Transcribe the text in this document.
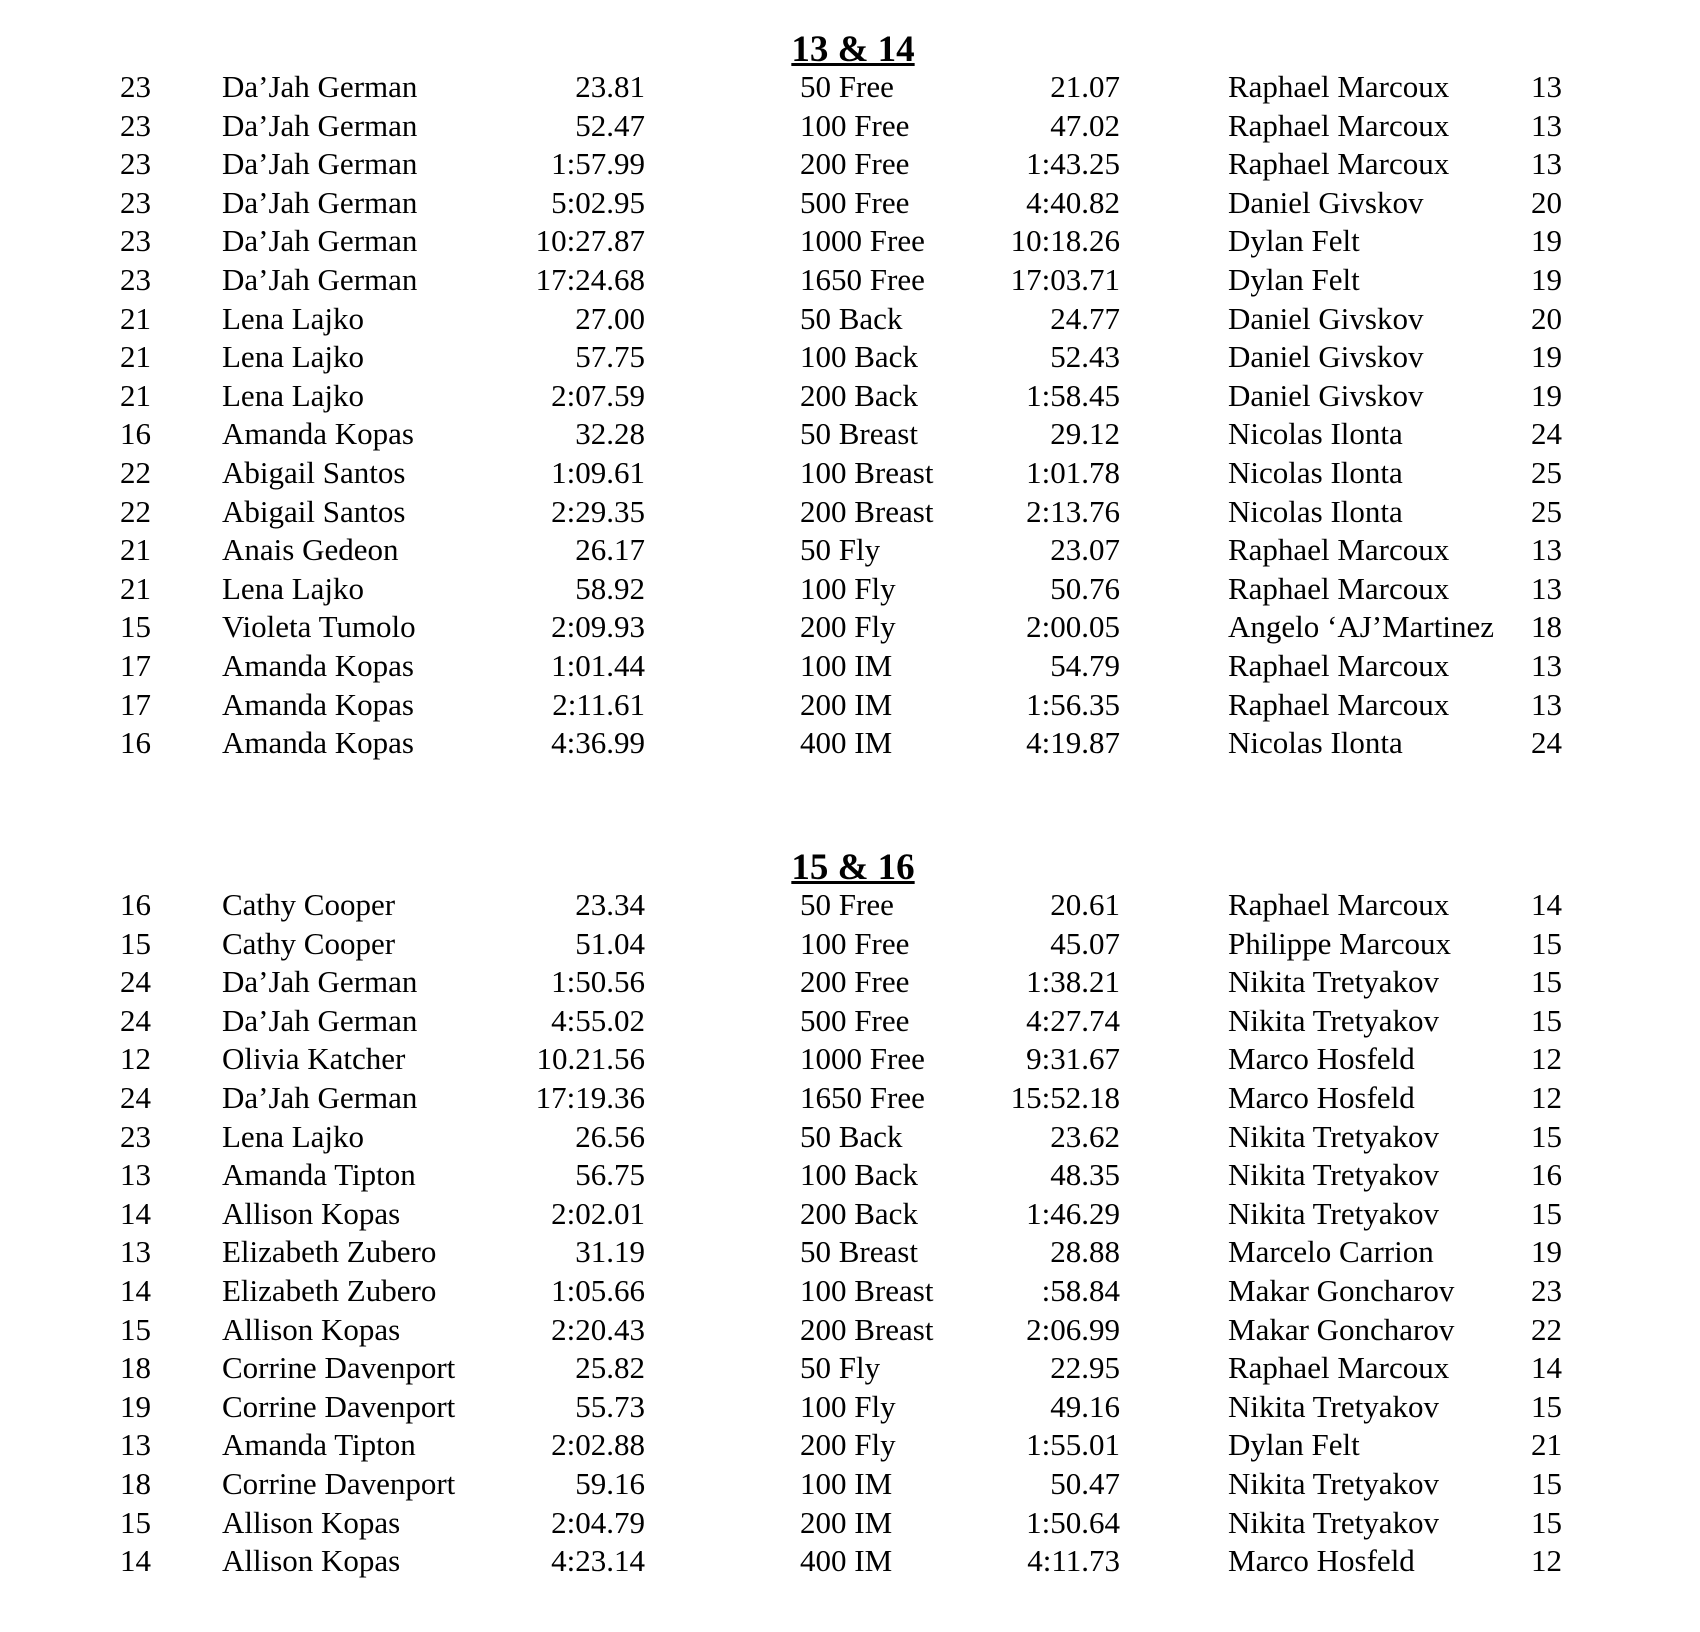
13 & 14
23 Da’Jah German	23.81	50 Free	21.07	Raphael Marcoux	13
23 Da’Jah German	52.47	100 Free	47.02	Raphael Marcoux	13
23 Da’Jah German	1:57.99	200 Free	1:43.25	Raphael Marcoux	13
23 Da’Jah German	5:02.95	500 Free	4:40.82	Daniel Givskov	20
23 Da’Jah German	10:27.87	1000 Free	10:18.26	Dylan Felt	19
23 Da’Jah German	17:24.68	1650 Free	17:03.71	Dylan Felt	19
21 Lena Lajko	27.00	50 Back	24.77	Daniel Givskov	20
21 Lena Lajko	57.75	100 Back	52.43	Daniel Givskov	19
21 Lena Lajko	2:07.59	200 Back	1:58.45	Daniel Givskov	19
16 Amanda Kopas	32.28	50 Breast	29.12	Nicolas Ilonta	24
22 Abigail Santos	1:09.61	100 Breast	1:01.78	Nicolas Ilonta	25
22 Abigail Santos	2:29.35	200 Breast	2:13.76	Nicolas Ilonta	25
21 Anais Gedeon	26.17	50 Fly	23.07	Raphael Marcoux	13
21 Lena Lajko	58.92	100 Fly	50.76	Raphael Marcoux	13
15 Violeta Tumolo	2:09.93	200 Fly	2:00.05	Angelo ‘AJ’Martinez 18
17 Amanda Kopas	1:01.44	100 IM	54.79	Raphael Marcoux	13
17 Amanda Kopas	2:11.61	200 IM	1:56.35	Raphael Marcoux	13
16 Amanda Kopas	4:36.99	400 IM	4:19.87	Nicolas Ilonta	24
15 & 16
16 Cathy Cooper	23.34	50 Free	20.61	Raphael Marcoux	14
15 Cathy Cooper	51.04	100 Free	45.07	Philippe Marcoux	15
24 Da’Jah German	1:50.56	200 Free	1:38.21	Nikita Tretyakov	15
24 Da’Jah German	4:55.02	500 Free	4:27.74	Nikita Tretyakov	15
12 Olivia Katcher	10.21.56	1000 Free	9:31.67	Marco Hosfeld	12
24 Da’Jah German	17:19.36	1650 Free	15:52.18	Marco Hosfeld	12
23 Lena Lajko	26.56	50 Back	23.62	Nikita Tretyakov	15
13 Amanda Tipton	56.75	100 Back	48.35	Nikita Tretyakov	16
14 Allison Kopas	2:02.01	200 Back	1:46.29	Nikita Tretyakov	15
13 Elizabeth Zubero	31.19	50 Breast	28.88	Marcelo Carrion	19
14 Elizabeth Zubero	1:05.66	100 Breast	:58.84	Makar Goncharov 23
15 Allison Kopas	2:20.43	200 Breast	2:06.99	Makar Goncharov 22
18 Corrine Davenport	25.82	50 Fly	22.95	Raphael Marcoux	14
19 Corrine Davenport	55.73	100 Fly	49.16	Nikita Tretyakov	15
13 Amanda Tipton	2:02.88	200 Fly	1:55.01	Dylan Felt	21
18 Corrine Davenport	59.16	100 IM	50.47	Nikita Tretyakov	15
15 Allison Kopas	2:04.79	200 IM	1:50.64	Nikita Tretyakov	15
14 Allison Kopas	4:23.14	400 IM	4:11.73	Marco Hosfeld	12
